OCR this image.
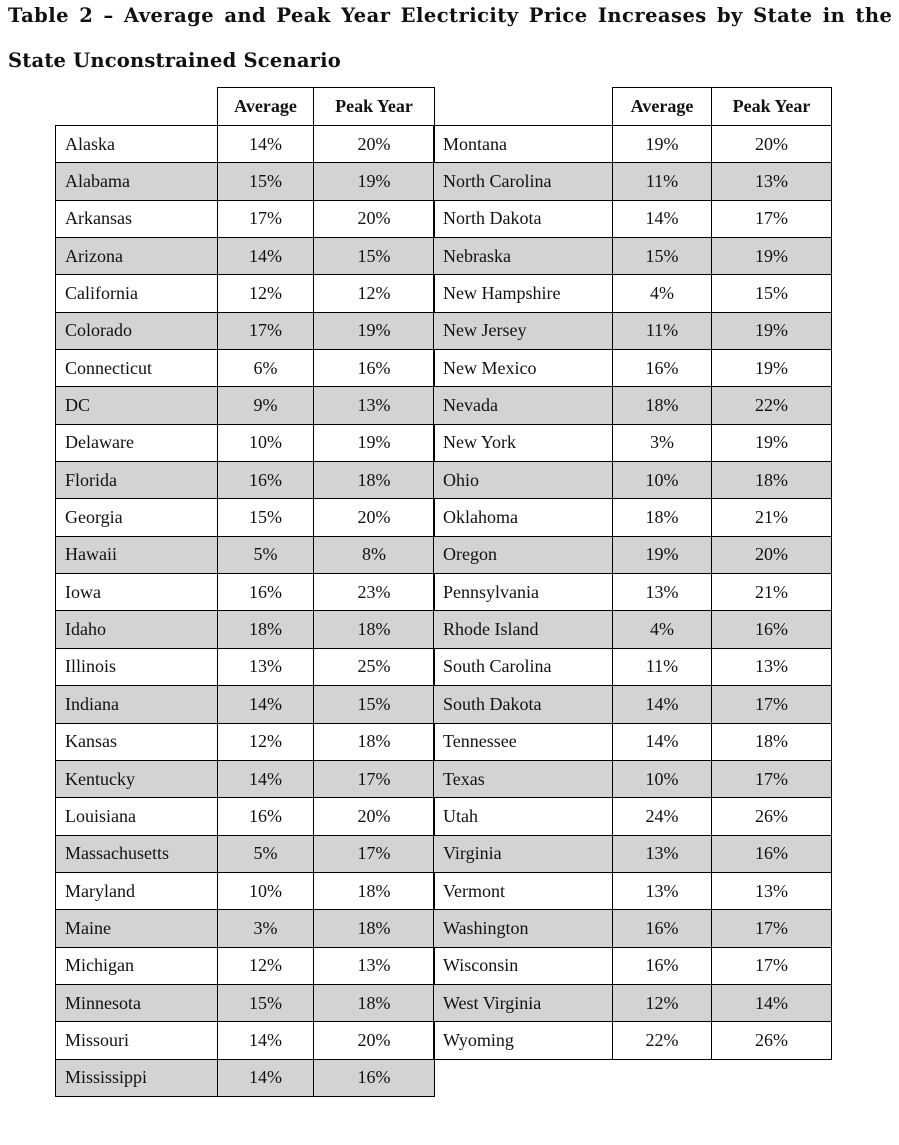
Table 2 – Average and Peak Year Electricity Price Increases by State in the
State Unconstrained Scenario
Average	Peak Year	Average	Peak Year
Alaska	14%	20%
Alabama	15%	19%
Arkansas	17%	20%
Arizona	14%	15%
California	12%	12%
Colorado	17%	19%
Connecticut	6%	16%
DC	9%	13%
Delaware	10%	19%
Florida	16%	18%
Georgia	15%	20%
Hawaii	5%	8%
Iowa	16%	23%
Idaho	18%	18%
Illinois	13%	25%
Indiana	14%	15%
Kansas	12%	18%
Kentucky	14%	17%
Louisiana	16%	20%
Massachusetts	5%	17%
Maryland	10%	18%
Maine	3%	18%
Michigan	12%	13%
Minnesota	15%	18%
Missouri	14%	20%
Mississippi	14%	16%
Montana	19%	20%
North Carolina	11%	13%
North Dakota	14%	17%
Nebraska	15%	19%
New Hampshire	4%	15%
New Jersey	11%	19%
New Mexico	16%	19%
Nevada	18%	22%
New York	3%	19%
Ohio	10%	18%
Oklahoma	18%	21%
Oregon	19%	20%
Pennsylvania	13%	21%
Rhode Island	4%	16%
South Carolina	11%	13%
South Dakota	14%	17%
Tennessee	14%	18%
Texas	10%	17%
Utah	24%	26%
Virginia	13%	16%
Vermont	13%	13%
Washington	16%	17%
Wisconsin	16%	17%
West Virginia	12%	14%
Wyoming	22%	26%
